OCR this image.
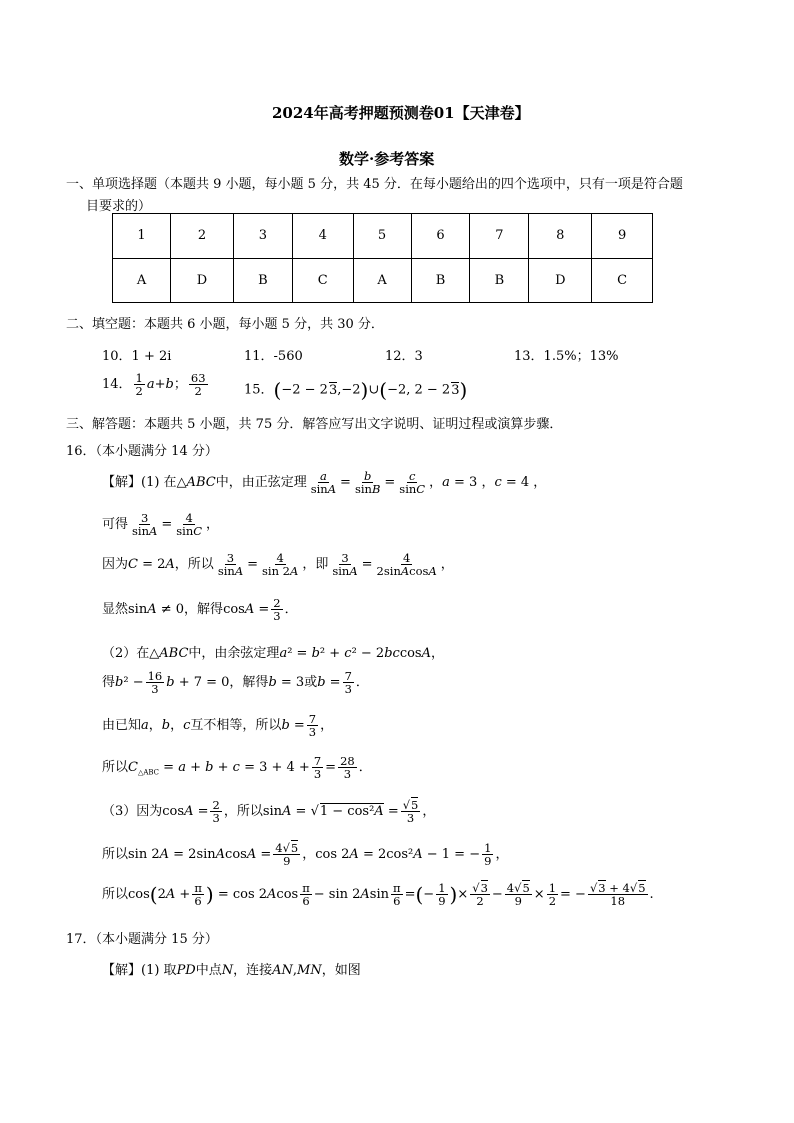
2024年高考押题预测卷01【天津卷】
数学·参考答案
一、单项选择题（本题共 9 小题，每小题 5 分，共 45 分．在每小题给出的四个选项中，只有一项是符合题
目要求的）
1	2	3	4	5	6	7	8	9
A	D	B	C	A	B	B	D	C
二、填空题：本题共 6 小题，每小题 5 分，共 30 分．
10．1 + 2i	11．-560	12．3	13．1.5%；13%
14． $\frac{1}{2} a+b$； $\frac{63}{2}$	15．(−2 − 23,−2)∪(−2, 2 − 23)
三、解答题：本题共 5 小题，共 75 分．解答应写出文字说明、证明过程或演算步骤．
16．（本小题满分 14 分）
【解】(1) 在△ABC中，由正弦定理 $\frac{a}{\sin A} = \frac{b}{\sin B} = \frac{c}{\sin C}$ ，a = 3 ，c = 4 ，
可得 $\frac{3}{\sin A} = \frac{4}{\sin C}$ ，
因为C = 2A，所以 $\frac{3}{\sin A} = \frac{4}{\sin 2A}$ ，即 $\frac{3}{\sin A} = \frac{4}{\text{2sinAcosA}}$ ，
显然sinA ≠ 0，解得$\cos A = \frac{2}{3}$ ．
（2）在△ABC中，由余弦定理a² = b² + c² − 2bccosA，
得$b^2 - \frac{16}{3}$ b + 7 = 0，解得b = 3或$b = \frac{7}{3}$ ．
由已知a，b，c互不相等，所以$b = \frac{7}{3}$ ，
所以$C_{\triangle ABC} = a + b + c = 3 + 4 + \frac{7}{3} = \frac{28}{3}$ ．
（3）因为$\cos A = \frac{2}{3}$ ，所以$\sin A = √1 - \cos^2A = \frac{√5}{3}$ ，
所以sin 2A = 2sinAcosA = $\frac{4√5}{9}$ ，cos 2A = 2cos²A − 1 = − $\frac{1}{9}$ ，
所以$\cos(2A + \frac{\pi}{6}$ ) = $\cos 2Acos \frac{\pi}{6} - \sin 2Asin \frac{\pi}{6}$ =(− $\frac{1}{9}$ )× $\frac{√3}{2} - \frac{4√5}{9} \times \frac{1}{2}$ = − $\frac{√3 + 4√5}{18}$ .
17．（本小题满分 15 分）
【解】(1) 取PD中点N，连接AN,MN，如图
